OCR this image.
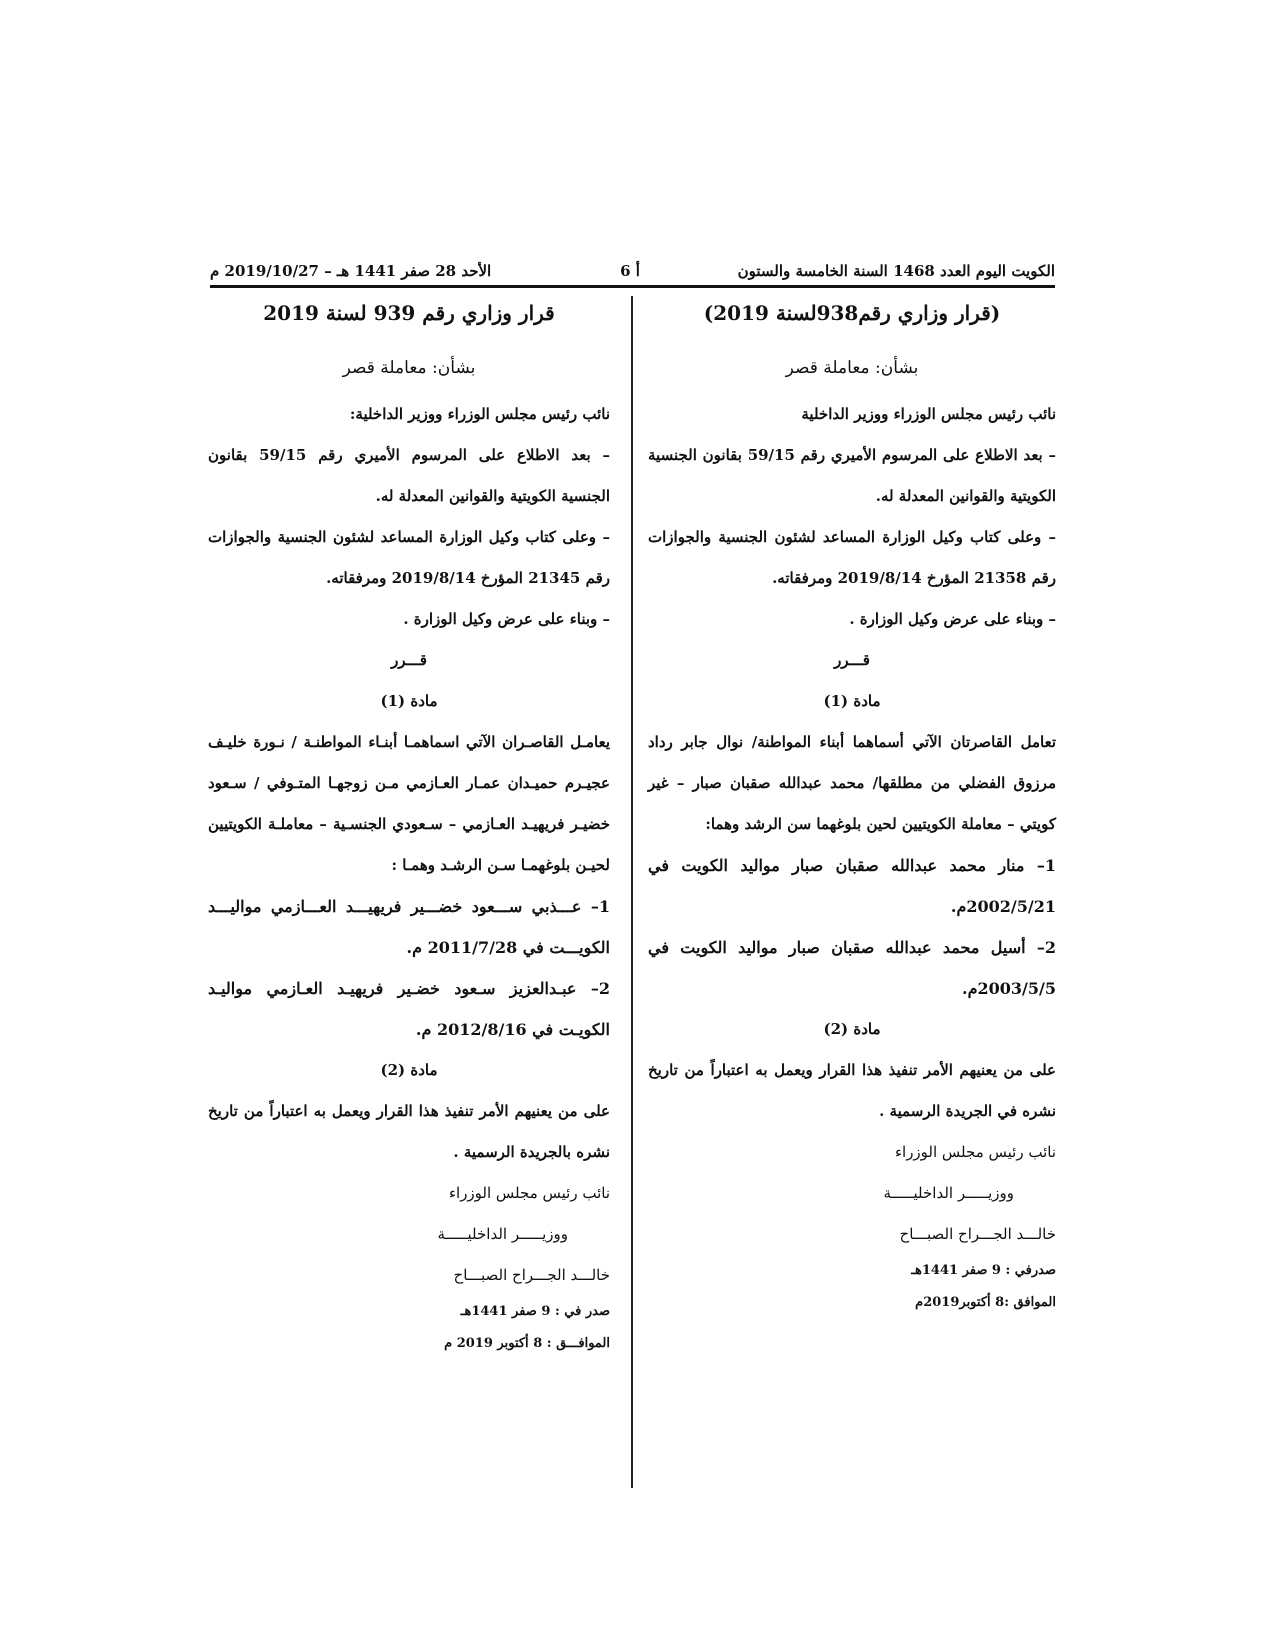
الكويت اليوم العدد 1468 السنة الخامسة والستون
أ 6
الأحد 28 صفر 1441 هـ – 2019/10/27 م
(قرار وزاري رقم938لسنة 2019)
بشأن: معاملة قصر
نائب رئيس مجلس الوزراء ووزير الداخلية
– بعد الاطلاع على المرسوم الأميري رقم 59/15 بقانون الجنسية الكويتية والقوانين المعدلة له.
– وعلى كتاب وكيل الوزارة المساعد لشئون الجنسية والجوازات رقم 21358 المؤرخ 2019/8/14 ومرفقاته.
– وبناء على عرض وكيل الوزارة .
قـــرر
مادة (1)
تعامل القاصرتان الآتي أسماهما أبناء المواطنة/ نوال جابر رداد مرزوق الفضلي من مطلقها/ محمد عبدالله صقبان صبار – غير كويتي – معاملة الكويتيين لحين بلوغهما سن الرشد وهما:
1– منار محمد عبدالله صقبان صبار مواليد الكويت في 2002/5/21م.
2– أسيل محمد عبدالله صقبان صبار مواليد الكويت في 2003/5/5م.
مادة (2)
على من يعنيهم الأمر تنفيذ هذا القرار ويعمل به اعتباراً من تاريخ نشره في الجريدة الرسمية .
نائب رئيس مجلس الوزراء
ووزيـــــر الداخليـــــة
خالـــد الجـــراح الصبـــاح
صدرفي : 9 صفر 1441هـ
الموافق :8 أكتوبر2019م
قرار وزاري رقم 939 لسنة 2019
بشأن: معاملة قصر
نائب رئيس مجلس الوزراء ووزير الداخلية:
– بعد الاطلاع على المرسوم الأميري رقم 59/15 بقانون الجنسية الكويتية والقوانين المعدلة له.
– وعلى كتاب وكيل الوزارة المساعد لشئون الجنسية والجوازات رقم 21345 المؤرخ 2019/8/14 ومرفقاته.
– وبناء على عرض وكيل الوزارة .
قـــرر
مادة (1)
يعامـل القاصـران الآتي اسماهمـا أبنـاء المواطنـة / نـورة خليـف عجيـرم حميـدان عمـار العـازمي مـن زوجهـا المتـوفي / سـعود خضيـر فريهيـد العـازمي – سـعودي الجنسـية – معاملـة الكويتيين لحيـن بلوغهمـا سـن الرشـد وهمـا :
1– عـــذبي ســـعود خضـــير فريهيـــد العـــازمي مواليـــد الكويـــت في 2011/7/28 م.
2– عبـدالعزيز سـعود خضـير فريهيـد العـازمي مواليـد الكويـت في 2012/8/16 م.
مادة (2)
على من يعنيهم الأمر تنفيذ هذا القرار ويعمل به اعتباراً من تاريخ نشره بالجريدة الرسمية .
نائب رئيس مجلس الوزراء
ووزيـــــر الداخليـــــة
خالـــد الجـــراح الصبـــاح
صدر في : 9 صفر 1441هـ
الموافـــق : 8 أكتوبر 2019 م
